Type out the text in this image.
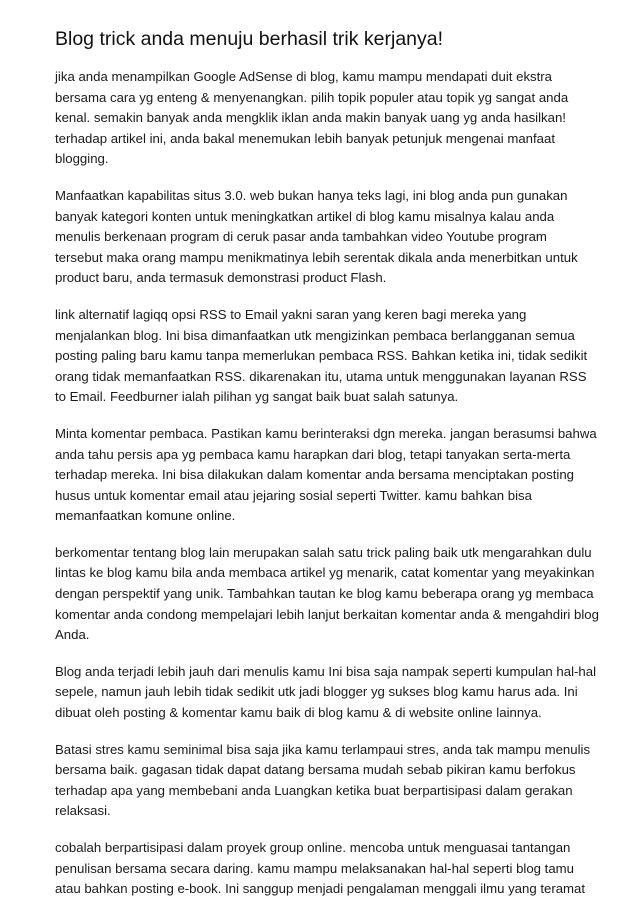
Blog trick anda menuju berhasil trik kerjanya!

jika anda menampilkan Google AdSense di blog, kamu mampu mendapati duit ekstra
bersama cara yg enteng & menyenangkan. pilih topik populer atau topik yg sangat anda
kenal. semakin banyak anda mengklik iklan anda makin banyak uang yg anda hasilkan!
terhadap artikel ini, anda bakal menemukan lebih banyak petunjuk mengenai manfaat
blogging.

Manfaatkan kapabilitas situs 3.0. web bukan hanya teks lagi, ini blog anda pun gunakan
banyak kategori konten untuk meningkatkan artikel di blog kamu misalnya kalau anda
menulis berkenaan program di ceruk pasar anda tambahkan video Youtube program
tersebut maka orang mampu menikmatinya lebih serentak dikala anda menerbitkan untuk
product baru, anda termasuk demonstrasi product Flash.

link alternatif lagiqq opsi RSS to Email yakni saran yang keren bagi mereka yang
menjalankan blog. Ini bisa dimanfaatkan utk mengizinkan pembaca berlangganan semua
posting paling baru kamu tanpa memerlukan pembaca RSS. Bahkan ketika ini, tidak sedikit
orang tidak memanfaatkan RSS. dikarenakan itu, utama untuk menggunakan layanan RSS
to Email. Feedburner ialah pilihan yg sangat baik buat salah satunya.

Minta komentar pembaca. Pastikan kamu berinteraksi dgn mereka. jangan berasumsi bahwa
anda tahu persis apa yg pembaca kamu harapkan dari blog, tetapi tanyakan serta-merta
terhadap mereka. Ini bisa dilakukan dalam komentar anda bersama menciptakan posting
husus untuk komentar email atau jejaring sosial seperti Twitter. kamu bahkan bisa
memanfaatkan komune online.

berkomentar tentang blog lain merupakan salah satu trick paling baik utk mengarahkan dulu
lintas ke blog kamu bila anda membaca artikel yg menarik, catat komentar yang meyakinkan
dengan perspektif yang unik. Tambahkan tautan ke blog kamu beberapa orang yg membaca
komentar anda condong mempelajari lebih lanjut berkaitan komentar anda & mengahdiri blog
Anda.

Blog anda terjadi lebih jauh dari menulis kamu Ini bisa saja nampak seperti kumpulan hal-hal
sepele, namun jauh lebih tidak sedikit utk jadi blogger yg sukses blog kamu harus ada. Ini
dibuat oleh posting & komentar kamu baik di blog kamu & di website online lainnya.

Batasi stres kamu seminimal bisa saja jika kamu terlampaui stres, anda tak mampu menulis
bersama baik. gagasan tidak dapat datang bersama mudah sebab pikiran kamu berfokus
terhadap apa yang membebani anda Luangkan ketika buat berpartisipasi dalam gerakan
relaksasi.

cobalah berpartisipasi dalam proyek group online. mencoba untuk menguasai tantangan
penulisan bersama secara daring. kamu mampu melaksanakan hal-hal seperti blog tamu
atau bahkan posting e-book. Ini sanggup menjadi pengalaman menggali ilmu yang teramat
